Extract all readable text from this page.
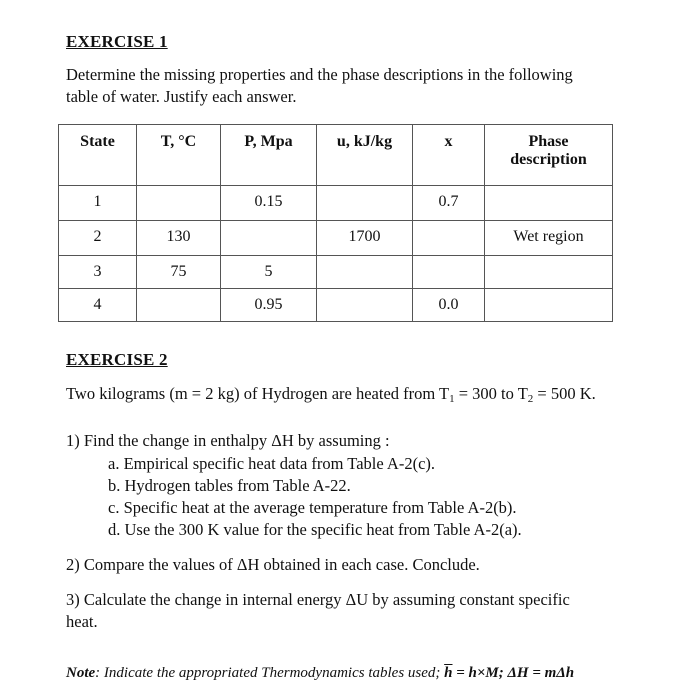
EXERCISE 1
Determine the missing properties and the phase descriptions in the following
table of water. Justify each answer.
State	T, °C	P, Mpa	u, kJ/kg	x	Phase
description
1		0.15		0.7	
2	130		1700		Wet region
3	75	5			
4		0.95		0.0	
EXERCISE 2
Two kilograms (m = 2 kg) of Hydrogen are heated from $T_1 = 300$ to $T_2 = 500$ K.
1) Find the change in enthalpy ΔH by assuming :
a. Empirical specific heat data from Table A-2(c).
b. Hydrogen tables from Table A-22.
c. Specific heat at the average temperature from Table A-2(b).
d. Use the 300 K value for the specific heat from Table A-2(a).
2) Compare the values of ΔH obtained in each case. Conclude.
3) Calculate the change in internal energy ΔU by assuming constant specific
heat.
Note: Indicate the appropriated Thermodynamics tables used; $\overline{h} = h\times M$; ΔH = mΔh
